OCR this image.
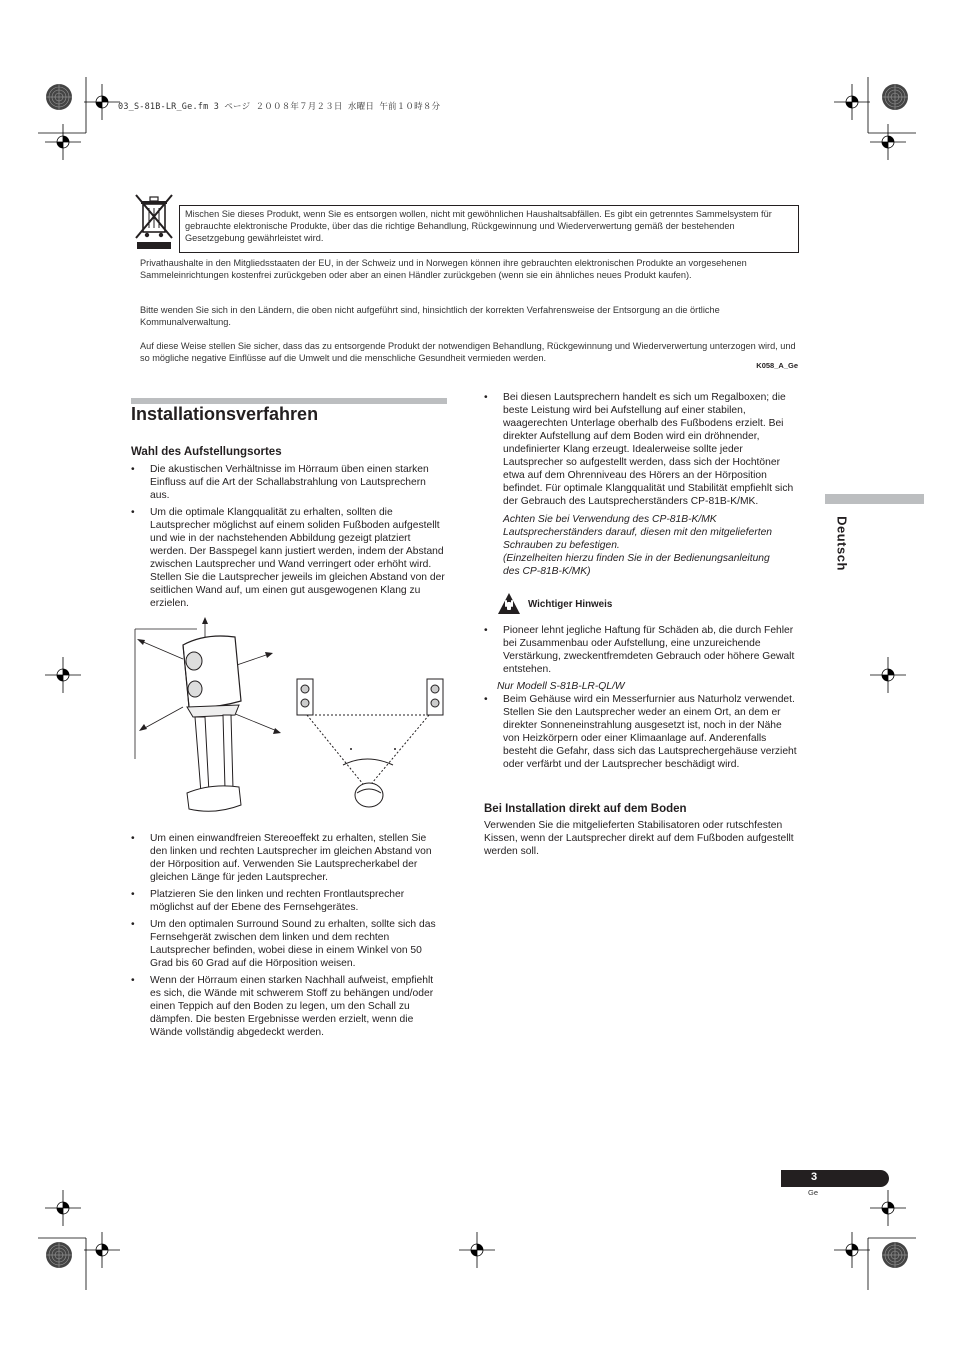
03_S-81B-LR_Ge.fm 3 ページ ２００８年７月２３日 水曜日 午前１０時８分
Mischen Sie dieses Produkt, wenn Sie es entsorgen wollen, nicht mit gewöhnlichen Haushaltsabfällen. Es gibt ein getrenntes Sammelsystem für gebrauchte elektronische Produkte, über das die richtige Behandlung, Rückgewinnung und Wiederverwertung gemäß der bestehenden Gesetzgebung gewährleistet wird.
Privathaushalte in den Mitgliedsstaaten der EU, in der Schweiz und in Norwegen können ihre gebrauchten elektronischen Produkte an vorgesehenen Sammeleinrichtungen kostenfrei zurückgeben oder aber an einen Händler zurückgeben (wenn sie ein ähnliches neues Produkt kaufen).
Bitte wenden Sie sich in den Ländern, die oben nicht aufgeführt sind, hinsichtlich der korrekten Verfahrensweise der Entsorgung an die örtliche Kommunalverwaltung.
Auf diese Weise stellen Sie sicher, dass das zu entsorgende Produkt der notwendigen Behandlung, Rückgewinnung und Wiederverwertung unterzogen wird, und so mögliche negative Einflüsse auf die Umwelt und die menschliche Gesundheit vermieden werden.
K058_A_Ge
Installationsverfahren
Wahl des Aufstellungsortes
• Die akustischen Verhältnisse im Hörraum üben einen starken Einfluss auf die Art der Schallabstrahlung von Lautsprechern aus.
• Um die optimale Klangqualität zu erhalten, sollten die Lautsprecher möglichst auf einem soliden Fußboden aufgestellt und wie in der nachstehenden Abbildung gezeigt platziert werden. Der Basspegel kann justiert werden, indem der Abstand zwischen Lautsprecher und Wand verringert oder erhöht wird. Stellen Sie die Lautsprecher jeweils im gleichen Abstand von der seitlichen Wand auf, um einen gut ausgewogenen Klang zu erzielen.
• Um einen einwandfreien Stereoeffekt zu erhalten, stellen Sie den linken und rechten Lautsprecher im gleichen Abstand von der Hörposition auf. Verwenden Sie Lautsprecherkabel der gleichen Länge für jeden Lautsprecher.
• Platzieren Sie den linken und rechten Frontlautsprecher möglichst auf der Ebene des Fernsehgerätes.
• Um den optimalen Surround Sound zu erhalten, sollte sich das Fernsehgerät zwischen dem linken und dem rechten Lautsprecher befinden, wobei diese in einem Winkel von 50 Grad bis 60 Grad auf die Hörposition weisen.
• Wenn der Hörraum einen starken Nachhall aufweist, empfiehlt es sich, die Wände mit schwerem Stoff zu behängen und/oder einen Teppich auf den Boden zu legen, um den Schall zu dämpfen. Die besten Ergebnisse werden erzielt, wenn die Wände vollständig abgedeckt werden.
• Bei diesen Lautsprechern handelt es sich um Regalboxen; die beste Leistung wird bei Aufstellung auf einer stabilen, waagerechten Unterlage oberhalb des Fußbodens erzielt. Bei direkter Aufstellung auf dem Boden wird ein dröhnender, undefinierter Klang erzeugt. Idealerweise sollte jeder Lautsprecher so aufgestellt werden, dass sich der Hochtöner etwa auf dem Ohrenniveau des Hörers an der Hörposition befindet. Für optimale Klangqualität und Stabilität empfiehlt sich der Gebrauch des Lautsprecherständers CP-81B-K/MK.
Achten Sie bei Verwendung des CP-81B-K/MK Lautsprecherständers darauf, diesen mit den mitgelieferten Schrauben zu befestigen.
(Einzelheiten hierzu finden Sie in der Bedienungsanleitung des CP-81B-K/MK)
Wichtiger Hinweis
• Pioneer lehnt jegliche Haftung für Schäden ab, die durch Fehler bei Zusammenbau oder Aufstellung, eine unzureichende Verstärkung, zweckentfremdeten Gebrauch oder höhere Gewalt entstehen.
Nur Modell S-81B-LR-QL/W
• Beim Gehäuse wird ein Messerfurnier aus Naturholz verwendet. Stellen Sie den Lautsprecher weder an einem Ort, an dem er direkter Sonneneinstrahlung ausgesetzt ist, noch in der Nähe von Heizkörpern oder einer Klimaanlage auf. Anderenfalls besteht die Gefahr, dass sich das Lautsprechergehäuse verzieht oder verfärbt und der Lautsprecher beschädigt wird.
Bei Installation direkt auf dem Boden
Verwenden Sie die mitgelieferten Stabilisatoren oder rutschfesten Kissen, wenn der Lautsprecher direkt auf dem Fußboden aufgestellt werden soll.
Deutsch
3
Ge
